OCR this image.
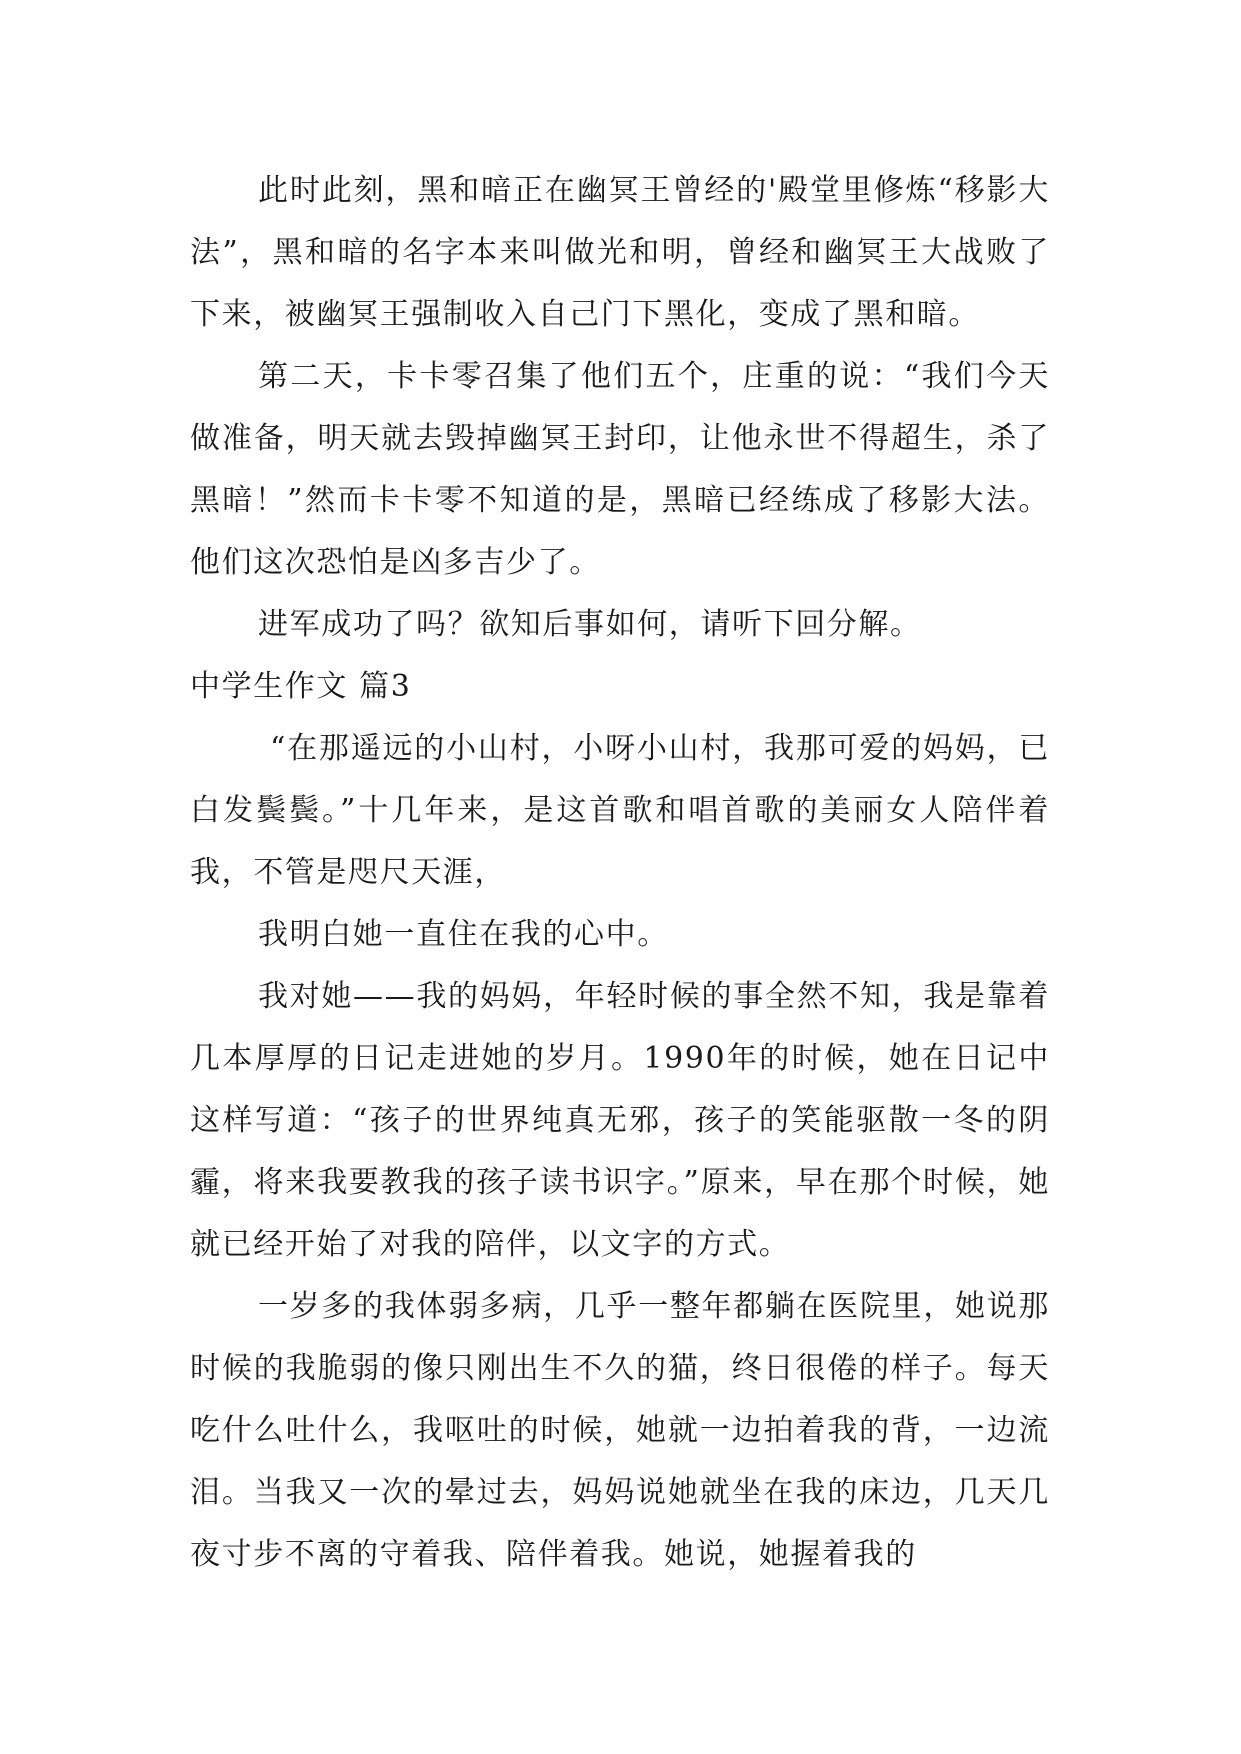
此时此刻，黑和暗正在幽冥王曾经的'殿堂里修炼“移影大法”，黑和暗的名字本来叫做光和明，曾经和幽冥王大战败了下来，被幽冥王强制收入自己门下黑化，变成了黑和暗。

第二天，卡卡零召集了他们五个，庄重的说：“我们今天做准备，明天就去毁掉幽冥王封印，让他永世不得超生，杀了黑暗！”然而卡卡零不知道的是，黑暗已经练成了移影大法。他们这次恐怕是凶多吉少了。

进军成功了吗？欲知后事如何，请听下回分解。

中学生作文 篇3

“在那遥远的小山村，小呀小山村，我那可爱的妈妈，已白发鬓鬓。”十几年来，是这首歌和唱首歌的美丽女人陪伴着我，不管是咫尺天涯，

我明白她一直住在我的心中。

我对她——我的妈妈，年轻时候的事全然不知，我是靠着几本厚厚的日记走进她的岁月。1990年的时候，她在日记中这样写道：“孩子的世界纯真无邪，孩子的笑能驱散一冬的阴霾，将来我要教我的孩子读书识字。”原来，早在那个时候，她就已经开始了对我的陪伴，以文字的方式。

一岁多的我体弱多病，几乎一整年都躺在医院里，她说那时候的我脆弱的像只刚出生不久的猫，终日很倦的样子。每天吃什么吐什么，我呕吐的时候，她就一边拍着我的背，一边流泪。当我又一次的晕过去，妈妈说她就坐在我的床边，几天几夜寸步不离的守着我、陪伴着我。她说，她握着我的
